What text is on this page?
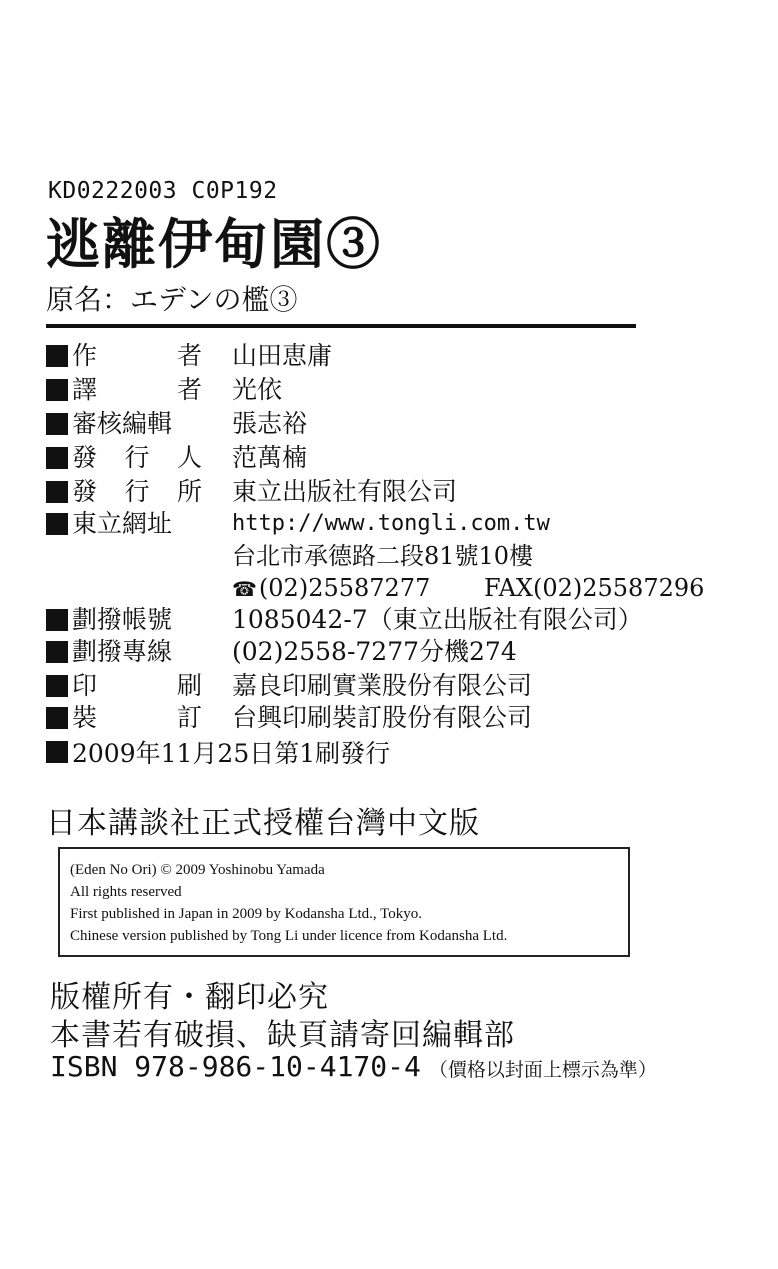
KD0222003 C0P192
逃離伊甸園③
原名：エデンの檻③
作	者 山田恵庸
譯	者 光依
審核編輯	張志裕
發 行 人 范萬楠
發 行 所 東立出版社有限公司
東立網址	http://www.tongli.com.tw
台北市承德路二段81號10樓
☎(02)25587277 FAX(02)25587296
劃撥帳號	1085042-7（東立出版社有限公司）
劃撥專線	(02)2558-7277分機274
印	刷 嘉良印刷實業股份有限公司
裝	訂 台興印刷裝訂股份有限公司
2009年11月25日第1刷發行
日本講談社正式授權台灣中文版
(Eden No Ori) © 2009 Yoshinobu Yamada
All rights reserved
First published in Japan in 2009 by Kodansha Ltd., Tokyo.
Chinese version published by Tong Li under licence from Kodansha Ltd.
版權所有・翻印必究
本書若有破損、缺頁請寄回編輯部
ISBN 978-986-10-4170-4 （價格以封面上標示為準）
